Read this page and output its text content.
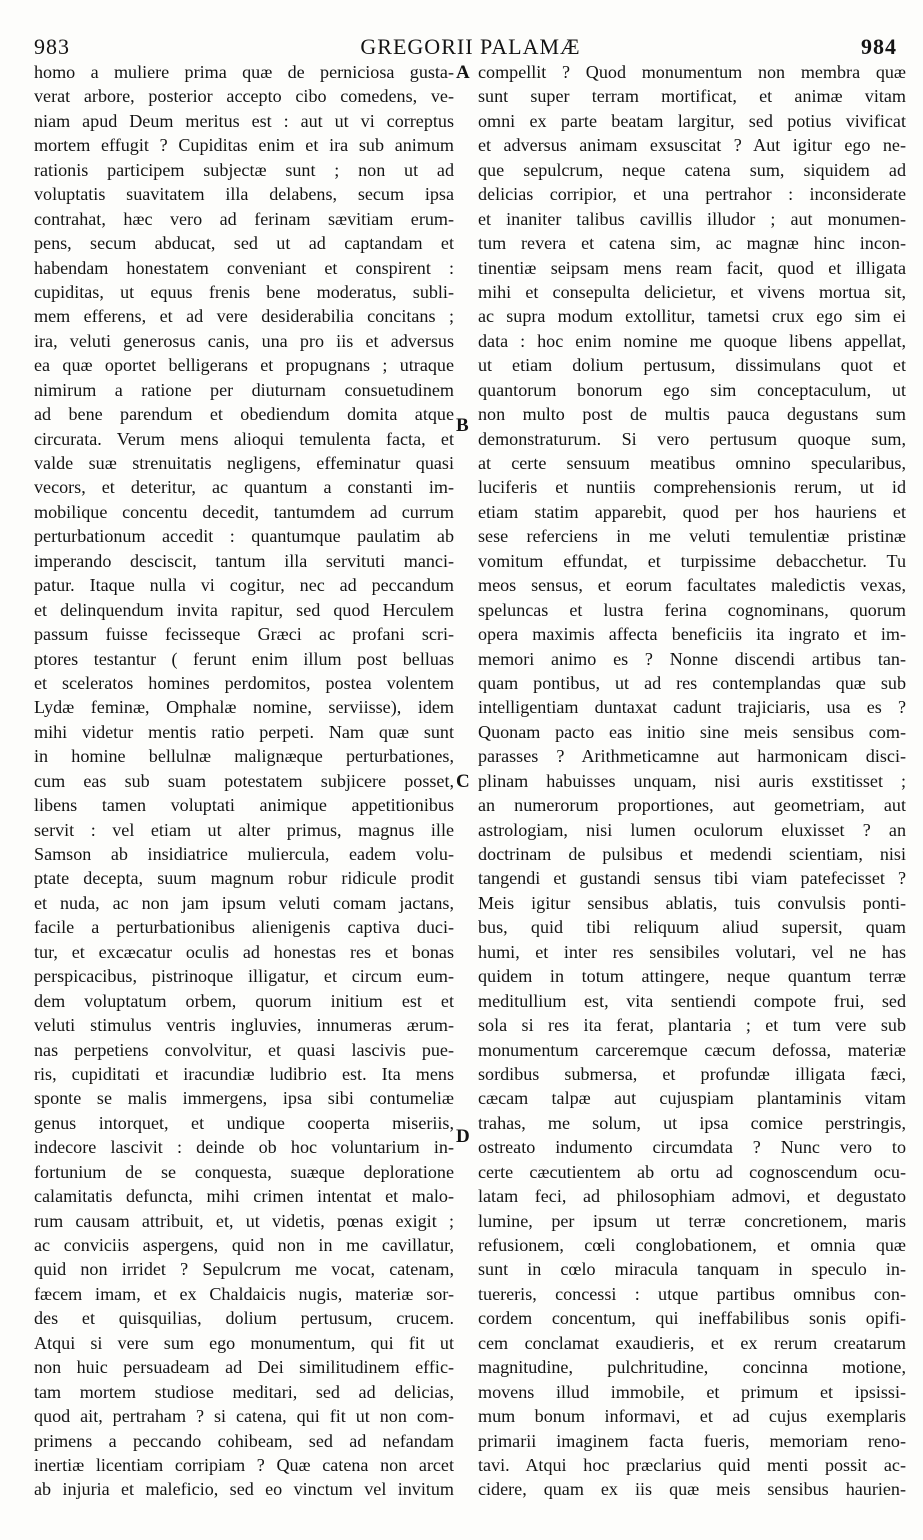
983	GREGORII PALAMÆ	984
homo a muliere prima quæ de perniciosa gusta-
verat arbore, posterior accepto cibo comedens, ve-
niam apud Deum meritus est : aut ut vi correptus
mortem effugit ? Cupiditas enim et ira sub animum
rationis participem subjectæ sunt ; non ut ad
voluptatis suavitatem illa delabens, secum ipsa
contrahat, hæc vero ad ferinam sævitiam erum-
pens, secum abducat, sed ut ad captandam et
habendam honestatem conveniant et conspirent :
cupiditas, ut equus frenis bene moderatus, subli-
mem efferens, et ad vere desiderabilia concitans ;
ira, veluti generosus canis, una pro iis et adversus
ea quæ oportet belligerans et propugnans ; utraque
nimirum a ratione per diuturnam consuetudinem
ad bene parendum et obediendum domita atque
circurata. Verum mens alioqui temulenta facta, et
valde suæ strenuitatis negligens, effeminatur quasi
vecors, et deteritur, ac quantum a constanti im-
mobilique concentu decedit, tantumdem ad currum
perturbationum accedit : quantumque paulatim ab
imperando desciscit, tantum illa servituti manci-
patur. Itaque nulla vi cogitur, nec ad peccandum
et delinquendum invita rapitur, sed quod Herculem
passum fuisse fecisseque Græci ac profani scri-
ptores testantur ( ferunt enim illum post belluas
et sceleratos homines perdomitos, postea volentem
Lydæ feminæ, Omphalæ nomine, serviisse), idem
mihi videtur mentis ratio perpeti. Nam quæ sunt
in homine bellulnæ malignæque perturbationes,
cum eas sub suam potestatem subjicere posset,
libens tamen voluptati animique appetitionibus
servit : vel etiam ut alter primus, magnus ille
Samson ab insidiatrice muliercula, eadem volu-
ptate decepta, suum magnum robur ridicule prodit
et nuda, ac non jam ipsum veluti comam jactans,
facile a perturbationibus alienigenis captiva duci-
tur, et excæcatur oculis ad honestas res et bonas
perspicacibus, pistrinoque illigatur, et circum eum-
dem voluptatum orbem, quorum initium est et
veluti stimulus ventris ingluvies, innumeras ærum-
nas perpetiens convolvitur, et quasi lascivis pue-
ris, cupiditati et iracundiæ ludibrio est. Ita mens
sponte se malis immergens, ipsa sibi contumeliæ
genus intorquet, et undique cooperta miseriis,
indecore lascivit : deinde ob hoc voluntarium in-
fortunium de se conquesta, suæque deploratione
calamitatis defuncta, mihi crimen intentat et malo-
rum causam attribuit, et, ut videtis, pœnas exigit ;
ac conviciis aspergens, quid non in me cavillatur,
quid non irridet ? Sepulcrum me vocat, catenam,
fæcem imam, et ex Chaldaicis nugis, materiæ sor-
des et quisquilias, dolium pertusum, crucem.
Atqui si vere sum ego monumentum, qui fit ut
non huic persuadeam ad Dei similitudinem effic-
tam mortem studiose meditari, sed ad delicias,
quod ait, pertraham ? si catena, qui fit ut non com-
primens a peccando cohibeam, sed ad nefandam
inertiæ licentiam corripiam ? Quæ catena non arcet
ab injuria et maleficio, sed eo vinctum vel invitum
compellit ? Quod monumentum non membra quæ
sunt super terram mortificat, et animæ vitam
omni ex parte beatam largitur, sed potius vivificat
et adversus animam exsuscitat ? Aut igitur ego ne-
que sepulcrum, neque catena sum, siquidem ad
delicias corripior, et una pertrahor : inconsiderate
et inaniter talibus cavillis illudor ; aut monumen-
tum revera et catena sim, ac magnæ hinc incon-
tinentiæ seipsam mens ream facit, quod et illigata
mihi et consepulta delicietur, et vivens mortua sit,
ac supra modum extollitur, tametsi crux ego sim ei
data : hoc enim nomine me quoque libens appellat,
ut etiam dolium pertusum, dissimulans quot et
quantorum bonorum ego sim conceptaculum, ut
non multo post de multis pauca degustans sum
demonstraturum. Si vero pertusum quoque sum,
at certe sensuum meatibus omnino specularibus,
luciferis et nuntiis comprehensionis rerum, ut id
etiam statim apparebit, quod per hos hauriens et
sese referciens in me veluti temulentiæ pristinæ
vomitum effundat, et turpissime debacchetur. Tu
meos sensus, et eorum facultates maledictis vexas,
speluncas et lustra ferina cognominans, quorum
opera maximis affecta beneficiis ita ingrato et im-
memori animo es ? Nonne discendi artibus tan-
quam pontibus, ut ad res contemplandas quæ sub
intelligentiam duntaxat cadunt trajiciaris, usa es ?
Quonam pacto eas initio sine meis sensibus com-
parasses ? Arithmeticamne aut harmonicam disci-
plinam habuisses unquam, nisi auris exstitisset ;
an numerorum proportiones, aut geometriam, aut
astrologiam, nisi lumen oculorum eluxisset ? an
doctrinam de pulsibus et medendi scientiam, nisi
tangendi et gustandi sensus tibi viam patefecisset ?
Meis igitur sensibus ablatis, tuis convulsis ponti-
bus, quid tibi reliquum aliud supersit, quam
humi, et inter res sensibiles volutari, vel ne has
quidem in totum attingere, neque quantum terræ
meditullium est, vita sentiendi compote frui, sed
sola si res ita ferat, plantaria ; et tum vere sub
monumentum carceremque cæcum defossa, materiæ
sordibus submersa, et profundæ illigata fæci,
cæcam talpæ aut cujuspiam plantaminis vitam
trahas, me solum, ut ipsa comice perstringis,
ostreato indumento circumdata ? Nunc vero to
certe cæcutientem ab ortu ad cognoscendum ocu-
latam feci, ad philosophiam admovi, et degustato
lumine, per ipsum ut terræ concretionem, maris
refusionem, cœli conglobationem, et omnia quæ
sunt in cœlo miracula tanquam in speculo in-
tuereris, concessi : utque partibus omnibus con-
cordem concentum, qui ineffabilibus sonis opifi-
cem conclamat exaudieris, et ex rerum creatarum
magnitudine, pulchritudine, concinna motione,
movens illud immobile, et primum et ipsissi-
mum bonum informavi, et ad cujus exemplaris
primarii imaginem facta fueris, memoriam reno-
tavi. Atqui hoc præclarius quid menti possit ac-
cidere, quam ex iis quæ meis sensibus haurien-
A
B
C
D
